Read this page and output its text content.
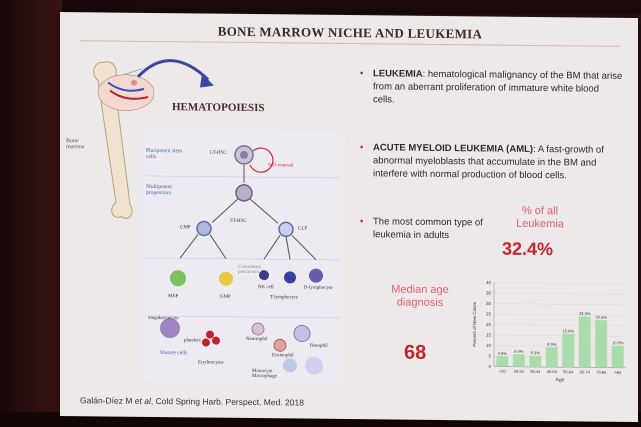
BONE MARROW NICHE AND LEUKEMIA
Bone marrow
HEMATOPOIESIS
Pluripotent stem cells
LT-HSC
Self-renewal
Multipotent progenitors
ST-HSC
CMP	CLP
Committed precursors
NK cell	B-lymphocyte
T-lymphocyte
MEP	GMP
Mature cells
megakaryocyte
platelets
Erythrocytes
Neutrophil
Eosinophil
Basophil
Monocyte Macrophage
Galán-Díez M et al, Cold Spring Harb. Perspect. Med. 2018
• LEUKEMIA: hematological malignancy of the BM that arise from an aberrant proliferation of immature white blood cells.
• ACUTE MYELOID LEUKEMIA (AML): A fast-growth of abnormal myeloblasts that accumulate in the BM and interfere with normal production of blood cells.
• The most common type of leukemia in adults
% of all Leukemia
32.4%
Median age diagnosis
68
0
5
10
15
20
25
30
35
40
4.9%
<20
6.0%
20-34
5.3%
35-44
9.5%
45-54
15.9%
55-64
24.3%
65-74
22.6%
75-84
10.5%
>84
Age
Percent of New Cases
